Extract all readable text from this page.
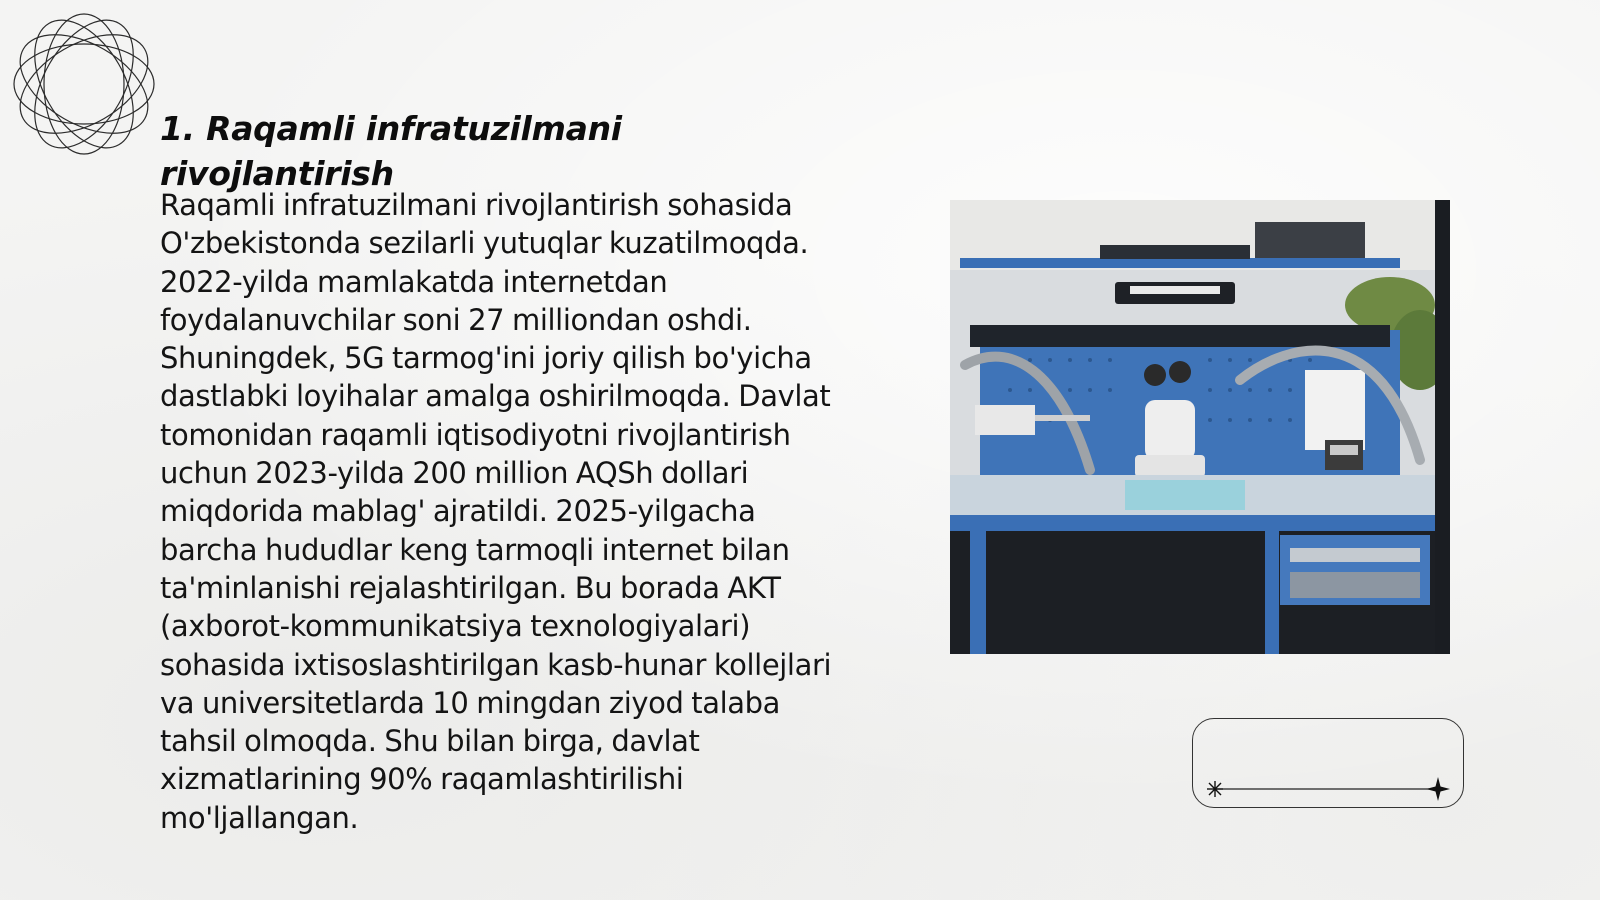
1. Raqamli infratuzilmani rivojlantirish

Raqamli infratuzilmani rivojlantirish sohasida O'zbekistonda sezilarli yutuqlar kuzatilmoqda. 2022-yilda mamlakatda internetdan foydalanuvchilar soni 27 milliondan oshdi. Shuningdek, 5G tarmog'ini joriy qilish bo'yicha dastlabki loyihalar amalga oshirilmoqda. Davlat tomonidan raqamli iqtisodiyotni rivojlantirish uchun 2023-yilda 200 million AQSh dollari miqdorida mablag' ajratildi. 2025-yilgacha barcha hududlar keng tarmoqli internet bilan ta'minlanishi rejalashtirilgan. Bu borada AKT (axborot-kommunikatsiya texnologiyalari) sohasida ixtisoslashtirilgan kasb-hunar kollejlari va universitetlarda 10 mingdan ziyod talaba tahsil olmoqda. Shu bilan birga, davlat xizmatlarining 90% raqamlashtirilishi mo'ljallangan.
